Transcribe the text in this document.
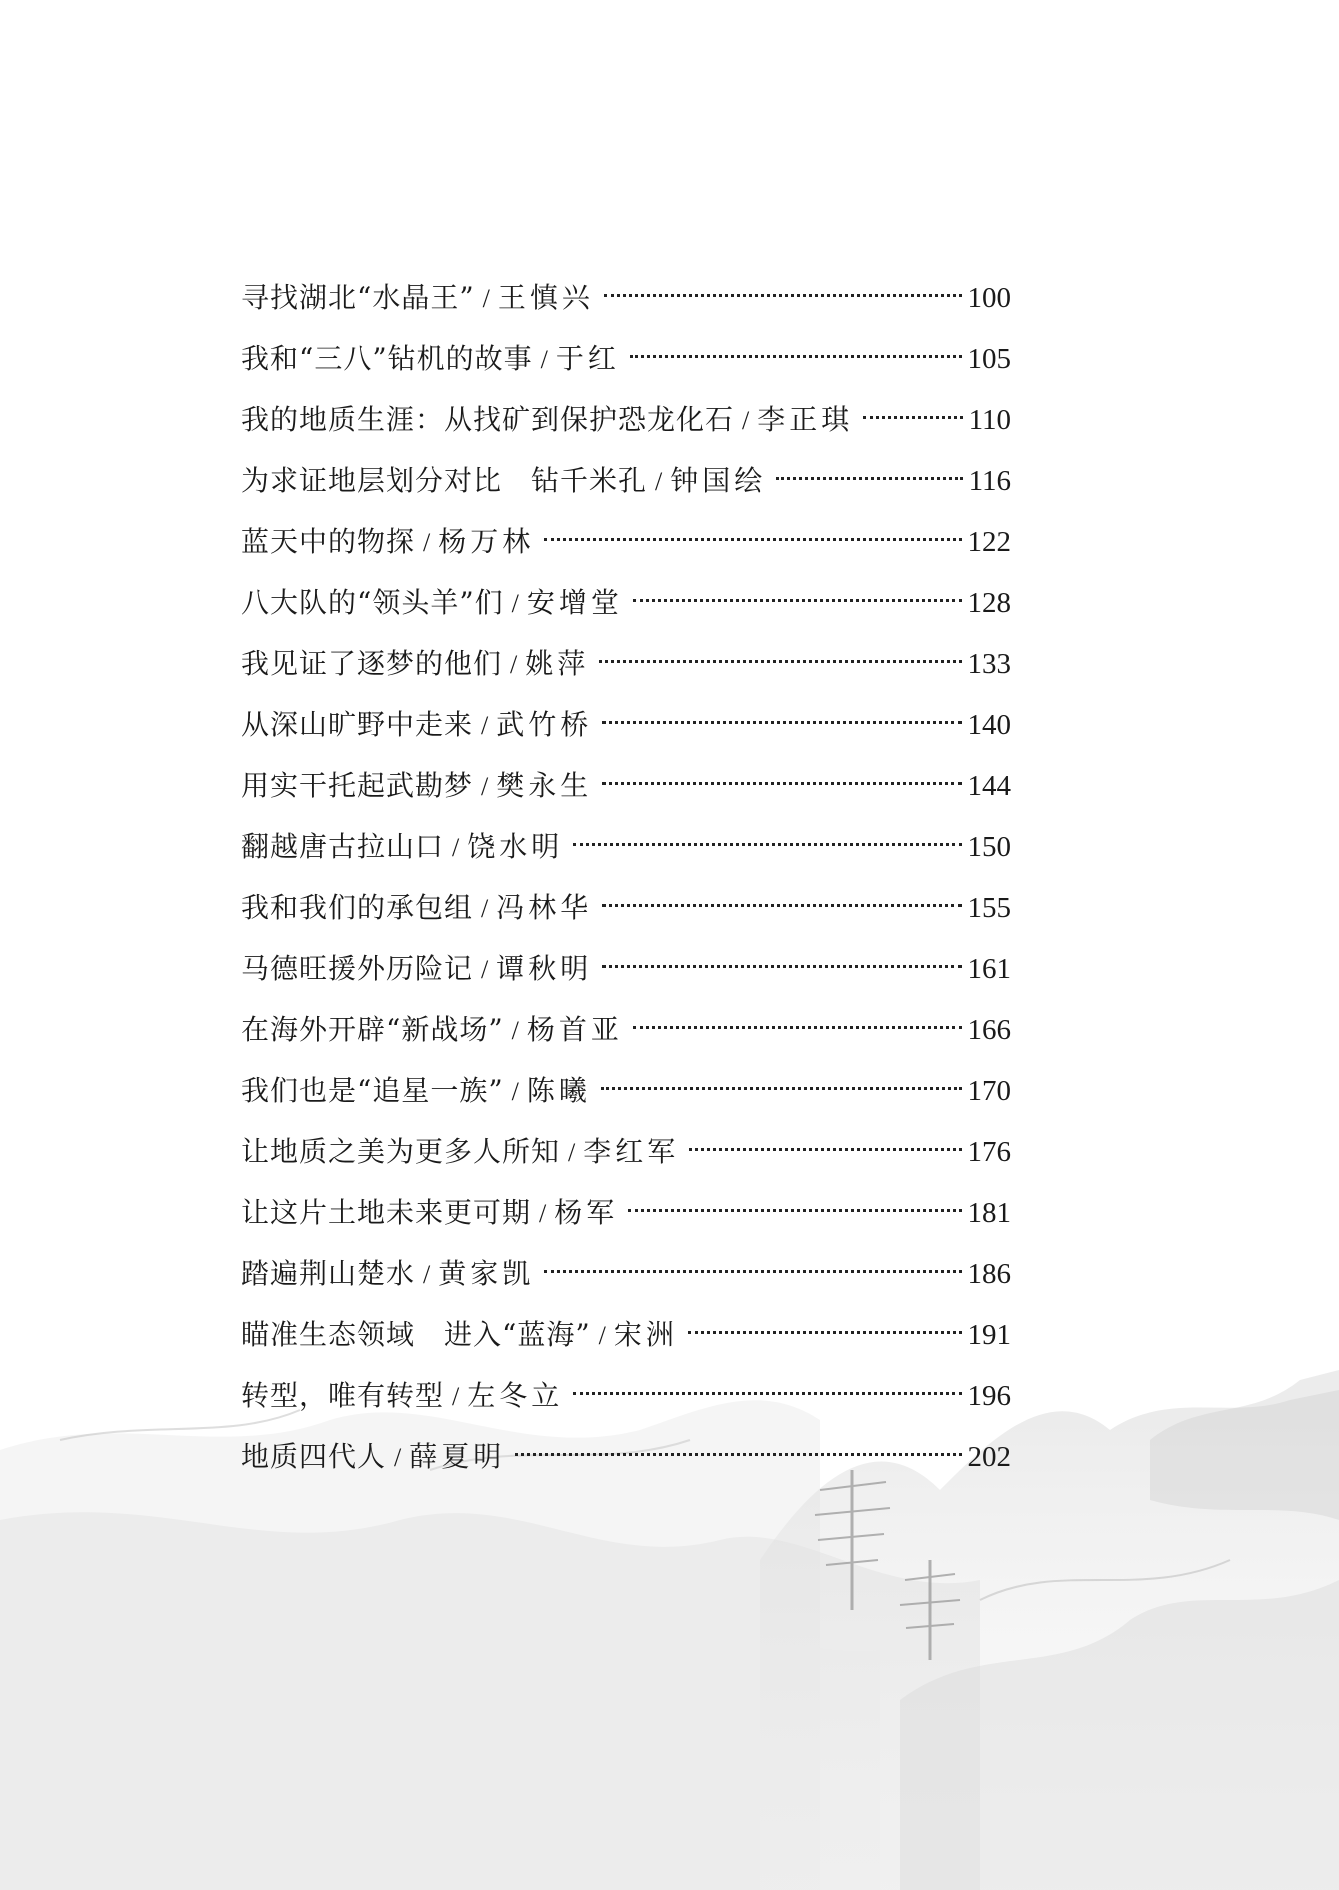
寻找湖北“水晶王” / 王慎兴	100
我和“三八”钻机的故事 / 于红	105
我的地质生涯：从找矿到保护恐龙化石 / 李正琪	110
为求证地层划分对比　钻千米孔 / 钟国绘	116
蓝天中的物探 / 杨万林	122
八大队的“领头羊”们 / 安增堂	128
我见证了逐梦的他们 / 姚萍	133
从深山旷野中走来 / 武竹桥	140
用实干托起武勘梦 / 樊永生	144
翻越唐古拉山口 / 饶水明	150
我和我们的承包组 / 冯林华	155
马德旺援外历险记 / 谭秋明	161
在海外开辟“新战场” / 杨首亚	166
我们也是“追星一族” / 陈曦	170
让地质之美为更多人所知 / 李红军	176
让这片土地未来更可期 / 杨军	181
踏遍荆山楚水 / 黄家凯	186
瞄准生态领域　进入“蓝海” / 宋洲	191
转型，唯有转型 / 左冬立	196
地质四代人 / 薛夏明	202
